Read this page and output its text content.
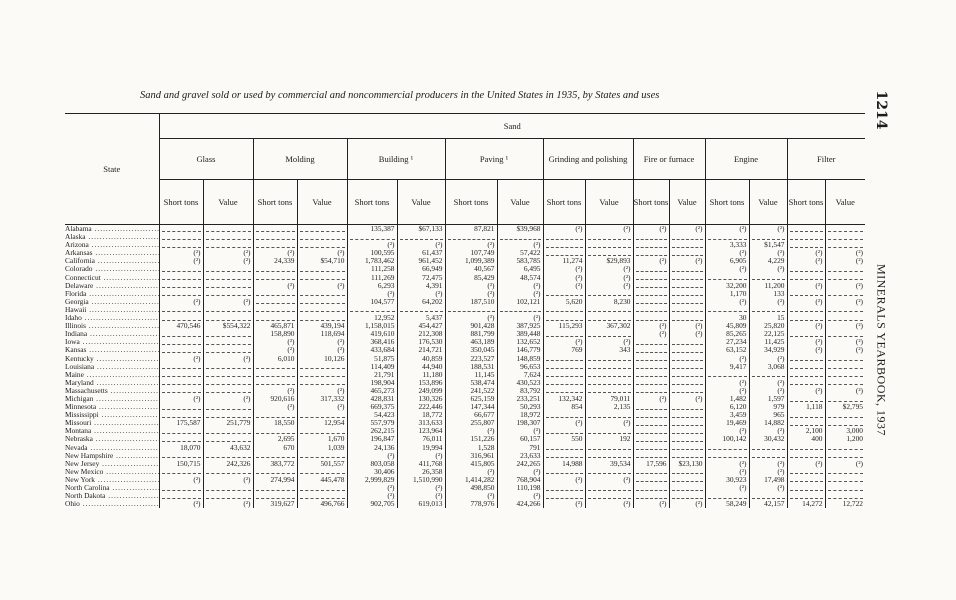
Sand and gravel sold or used by commercial and noncommercial producers in the United States in 1935, by States and uses	1214
MINERALS YEARBOOK, 1937
State	Sand															
	Glass		Molding		Building ¹		Paving ¹		Grinding and polishing		Fire or furnace		Engine		Filter	
	Short tons	Value	Short tons	Value	Short tons	Value	Short tons	Value	Short tons	Value	Short tons	Value	Short tons	Value	Short tons	Value
Alabama .....					135,387	$67,133	87,821	$39,968	(²)	(²)	(²)	(²)	(²)	(²)		
Alaska .....																
Arizona .....					(²)	(²)	(²)	(²)					3,333	$1,547		
Arkansas .....	(²)	(²)	(²)	(²)	100,595	61,437	107,749	57,422					(²)	(²)	(²)	(²)
California .....	(²)	(²)	24,339	$54,710	1,783,462	961,452	1,099,389	583,785	11,274	$29,893	(²)	(²)	6,905	4,229	(²)	(²)
Colorado .....					111,258	66,949	40,567	6,495	(²)	(²)			(²)	(²)		
Connecticut .....					111,269	72,475	85,429	48,574	(²)	(²)						
Delaware .....			(²)	(²)	6,293	4,391	(²)	(²)	(²)	(²)			32,200	11,200	(²)	(²)
Florida .....					(²)	(²)	(²)	(²)					1,170	133		
Georgia .....	(²)	(²)			104,577	64,202	187,510	102,121	5,620	8,230			(²)	(²)	(²)	(²)
Hawaii .....																
Idaho .....					12,952	5,437	(²)	(²)					30	15		
Illinois .....	470,546	$554,322	465,871	439,194	1,158,015	454,427	901,428	387,925	115,293	367,302	(²)	(²)	45,809	25,820	(²)	(²)
Indiana .....			158,890	118,694	419,610	212,308	881,799	389,448			(²)	(²)	85,265	22,125		
Iowa .....			(²)	(²)	368,416	176,530	463,189	132,652	(²)	(²)			27,234	11,425	(²)	(²)
Kansas .....			(²)	(²)	433,684	214,721	350,045	146,779	769	343			63,152	34,929	(²)	(²)
Kentucky .....	(²)	(²)	6,010	10,126	51,875	40,859	223,527	148,859					(²)	(²)		
Louisiana .....					114,409	44,940	188,531	96,653					9,417	3,068		
Maine .....					21,791	11,180	11,145	7,624								
Maryland .....					198,904	153,896	538,474	430,523					(²)	(²)		
Massachusetts .....			(²)	(²)	465,273	249,099	241,522	83,792					(²)	(²)	(²)	(²)
Michigan .....	(²)	(²)	920,616	317,332	428,831	130,326	625,159	233,251	132,342	79,011	(²)	(²)	1,482	1,597		
Minnesota .....			(²)	(²)	669,375	222,446	147,344	50,293	854	2,135			6,120	979	1,118	$2,795
Mississippi .....					54,423	18,772	66,677	18,972					3,459	965		
Missouri .....	175,587	251,779	18,550	12,954	557,979	313,633	255,807	198,307	(²)	(²)			19,469	14,882		
Montana .....					262,215	123,964	(²)	(²)					(²)	(²)	2,100	3,000
Nebraska .....			2,695	1,670	196,847	76,011	151,226	60,157	550	192			100,142	30,432	400	1,200
Nevada .....	18,070	43,632	670	1,039	24,136	19,994	1,528	791								
New Hampshire .....					(²)	(²)	316,961	23,633								
New Jersey .....	150,715	242,326	383,772	501,557	803,058	411,768	415,805	242,265	14,988	39,534	17,596	$23,130	(²)	(²)	(²)	(²)
New Mexico .....					30,406	26,358	(²)	(²)					(²)	(²)		
New York .....	(²)	(²)	274,994	445,478	2,999,829	1,510,990	1,414,282	768,904	(²)	(²)			30,923	17,498		
North Carolina .....					(²)	(²)	498,850	110,198					(²)	(²)		
North Dakota .....					(²)	(²)	(²)	(²)								
Ohio .....	(²)	(²)	319,627	496,766	902,705	619,013	778,976	424,266	(²)	(²)	(²)	(²)	58,249	42,157	14,272	12,722
